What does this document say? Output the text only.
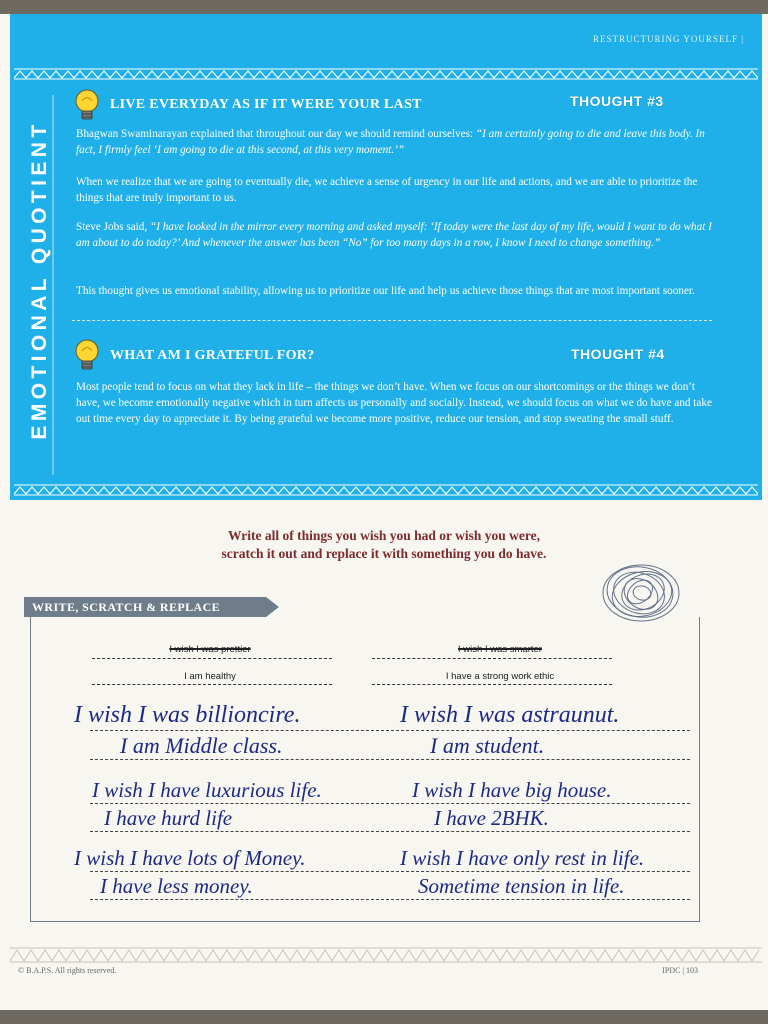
RESTRUCTURING YOURSELF |
EMOTIONAL QUOTIENT
LIVE EVERYDAY AS IF IT WERE YOUR LAST	THOUGHT #3

Bhagwan Swaminarayan explained that throughout our day we should remind ourselves: “I am certainly going to die and leave this body. In fact, I firmly feel ‘I am going to die at this second, at this very moment.’”

When we realize that we are going to eventually die, we achieve a sense of urgency in our life and actions, and we are able to prioritize the things that are truly important to us.

Steve Jobs said, “I have looked in the mirror every morning and asked myself: ‘If today were the last day of my life, would I want to do what I am about to do today?’ And whenever the answer has been “No” for too many days in a row, I know I need to change something.”

This thought gives us emotional stability, allowing us to prioritize our life and help us achieve those things that are most important sooner.

WHAT AM I GRATEFUL FOR?	THOUGHT #4

Most people tend to focus on what they lack in life – the things we don’t have. When we focus on our shortcomings or the things we don’t have, we become emotionally negative which in turn affects us personally and socially. Instead, we should focus on what we do have and take out time every day to appreciate it. By being grateful we become more positive, reduce our tension, and stop sweating the small stuff.

Write all of things you wish you had or wish you were,
scratch it out and replace it with something you do have.
WRITE, SCRATCH & REPLACE
I wish I was prettier	I wish I was smarter
I am healthy	I have a strong work ethic
I wish I was billioncire.	I wish I was astraunut.
I am Middle class.	I am student.
I wish I have luxurious life.	I wish I have big house.
I have hurd life	I have 2BHK.
I wish I have lots of Money.	I wish I have only rest in life.
I have less money.	Sometime tension in life.
© B.A.P.S. All rights reserved.	IPDC | 103
